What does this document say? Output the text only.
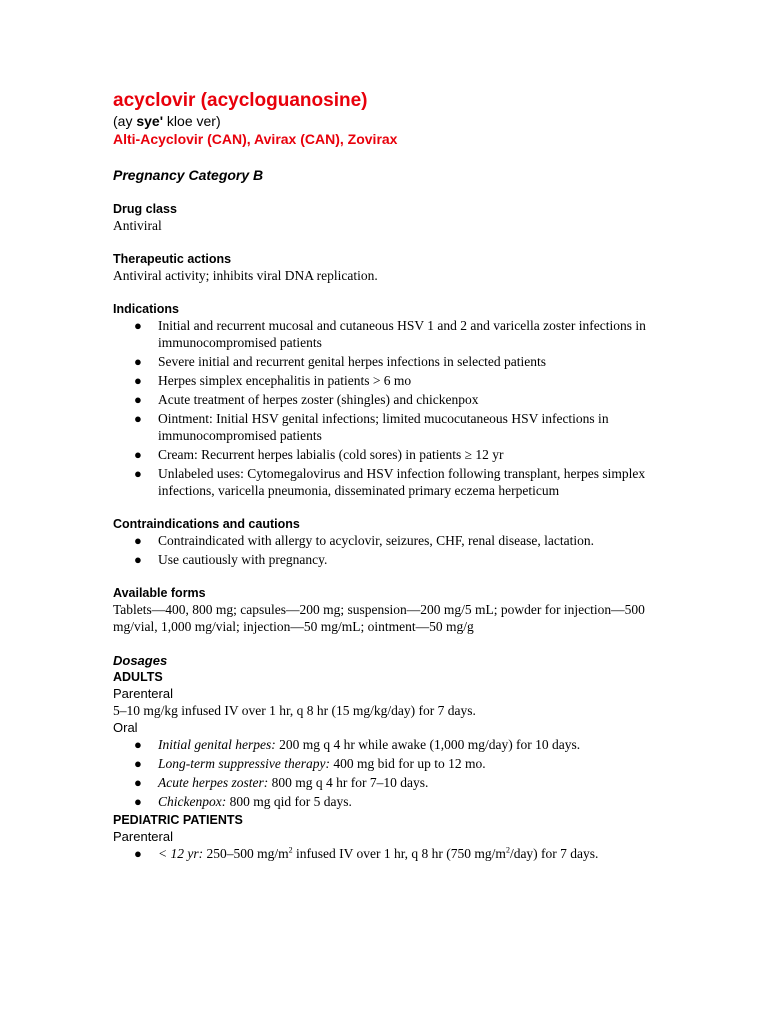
acyclovir (acycloguanosine)

(ay sye' kloe ver)

Alti-Acyclovir (CAN), Avirax (CAN), Zovirax

Pregnancy Category B

Drug class

Antiviral

Therapeutic actions

Antiviral activity; inhibits viral DNA replication.

Indications

● Initial and recurrent mucosal and cutaneous HSV 1 and 2 and varicella zoster infections in immunocompromised patients
● Severe initial and recurrent genital herpes infections in selected patients
● Herpes simplex encephalitis in patients > 6 mo
● Acute treatment of herpes zoster (shingles) and chickenpox
● Ointment: Initial HSV genital infections; limited mucocutaneous HSV infections in immunocompromised patients
● Cream: Recurrent herpes labialis (cold sores) in patients ≥ 12 yr
● Unlabeled uses: Cytomegalovirus and HSV infection following transplant, herpes simplex infections, varicella pneumonia, disseminated primary eczema herpeticum

Contraindications and cautions

● Contraindicated with allergy to acyclovir, seizures, CHF, renal disease, lactation.
● Use cautiously with pregnancy.

Available forms

Tablets—400, 800 mg; capsules—200 mg; suspension—200 mg/5 mL; powder for injection—500 mg/vial, 1,000 mg/vial; injection—50 mg/mL; ointment—50 mg/g

Dosages

ADULTS

Parenteral

5–10 mg/kg infused IV over 1 hr, q 8 hr (15 mg/kg/day) for 7 days.

Oral

● Initial genital herpes: 200 mg q 4 hr while awake (1,000 mg/day) for 10 days.
● Long-term suppressive therapy: 400 mg bid for up to 12 mo.
● Acute herpes zoster: 800 mg q 4 hr for 7–10 days.
● Chickenpox: 800 mg qid for 5 days.

PEDIATRIC PATIENTS

Parenteral

● < 12 yr: 250–500 $mg/m^2$ infused IV over 1 hr, q 8 hr (750 $mg/m^2/day$) for 7 days.
